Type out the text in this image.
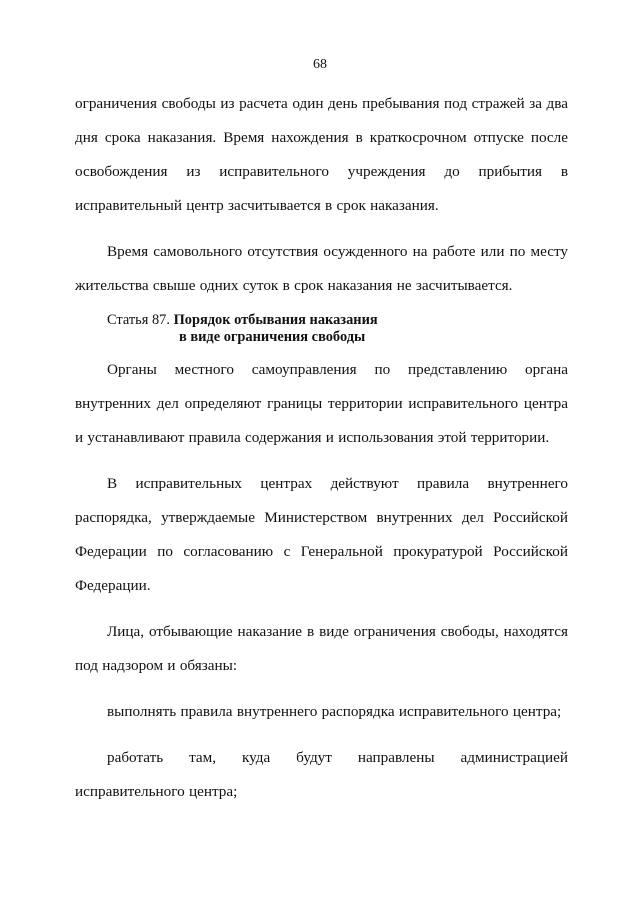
68

ограничения свободы из расчета один день пребывания под стражей за два дня срока наказания. Время нахождения в краткосрочном отпуске после освобождения из исправительного учреждения до прибытия в исправительный центр засчитывается в срок наказания.

Время самовольного отсутствия осужденного на работе или по месту жительства свыше одних суток в срок наказания не засчитывается.

Статья 87. Порядок отбывания наказания
в виде ограничения свободы

Органы местного самоуправления по представлению органа внутренних дел определяют границы территории исправительного центра и устанавливают правила содержания и использования этой территории.

В исправительных центрах действуют правила внутреннего распорядка, утверждаемые Министерством внутренних дел Российской Федерации по согласованию с Генеральной прокуратурой Российской Федерации.

Лица, отбывающие наказание в виде ограничения свободы, находятся под надзором и обязаны:

выполнять правила внутреннего распорядка исправительного центра;

работать там, куда будут направлены администрацией исправительного центра;
